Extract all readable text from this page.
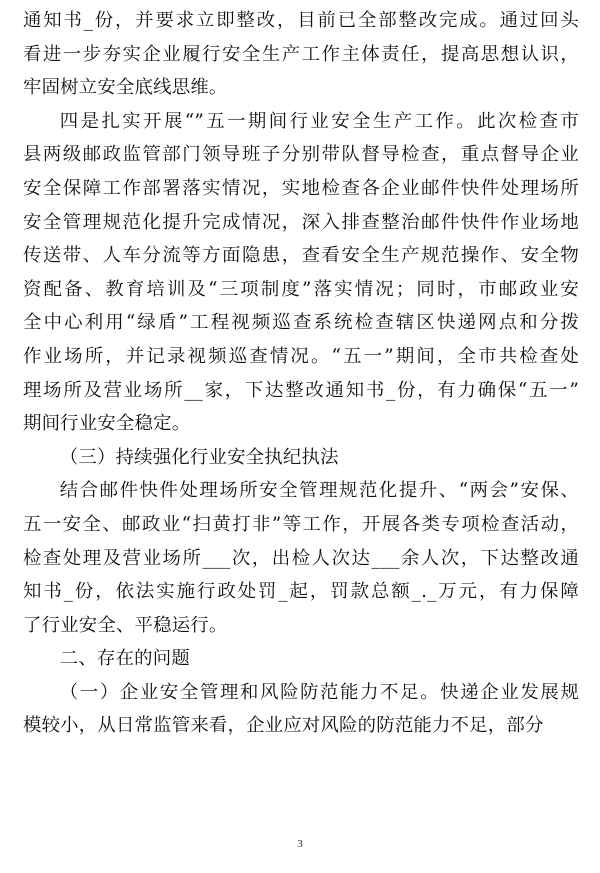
通知书_份，并要求立即整改，目前已全部整改完成。通过回头
看进一步夯实企业履行安全生产工作主体责任，提高思想认识，
牢固树立安全底线思维。

四是扎实开展“”五一期间行业安全生产工作。此次检查市
县两级邮政监管部门领导班子分别带队督导检查，重点督导企业
安全保障工作部署落实情况，实地检查各企业邮件快件处理场所
安全管理规范化提升完成情况，深入排查整治邮件快件作业场地
传送带、人车分流等方面隐患，查看安全生产规范操作、安全物
资配备、教育培训及“三项制度”落实情况；同时，市邮政业安
全中心利用“绿盾”工程视频巡查系统检查辖区快递网点和分拨
作业场所，并记录视频巡查情况。“五一”期间，全市共检查处
理场所及营业场所__家，下达整改通知书_份，有力确保“五一”
期间行业安全稳定。

（三）持续强化行业安全执纪执法

结合邮件快件处理场所安全管理规范化提升、“两会”安保、
五一安全、邮政业“扫黄打非”等工作，开展各类专项检查活动，
检查处理及营业场所___次，出检人次达___余人次，下达整改通
知书_份，依法实施行政处罚_起，罚款总额_._万元，有力保障
了行业安全、平稳运行。

二、存在的问题

（一）企业安全管理和风险防范能力不足。快递企业发展规
模较小，从日常监管来看，企业应对风险的防范能力不足，部分

3
